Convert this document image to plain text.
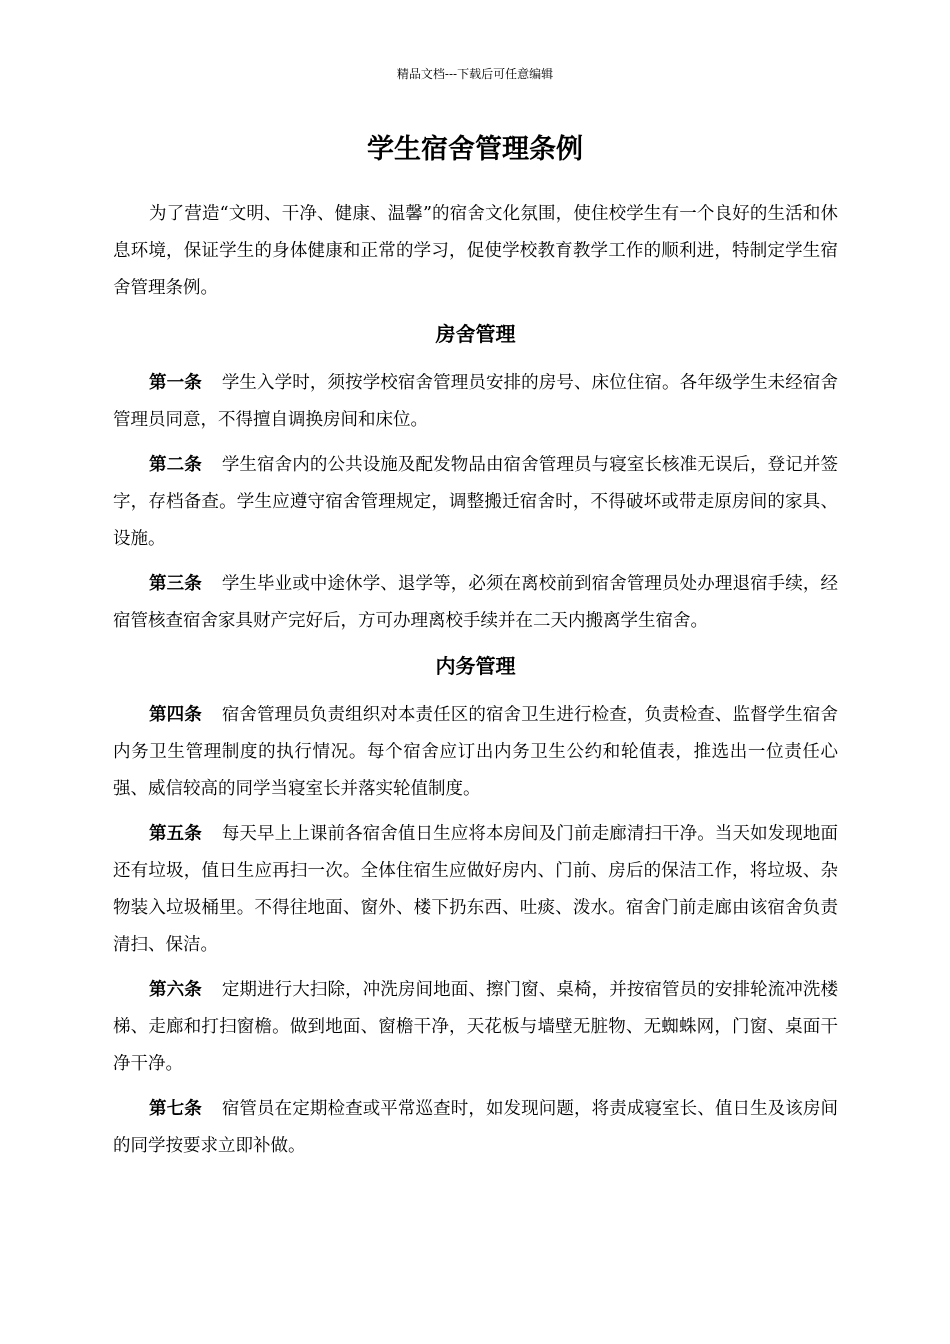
精品文档---下载后可任意编辑
学生宿舍管理条例

为了营造“文明、干净、健康、温馨”的宿舍文化氛围，使住校学生有一个良好的生活和休息环境，保证学生的身体健康和正常的学习，促使学校教育教学工作的顺利进，特制定学生宿舍管理条例。

房舍管理

第一条 学生入学时，须按学校宿舍管理员安排的房号、床位住宿。各年级学生未经宿舍管理员同意，不得擅自调换房间和床位。

第二条 学生宿舍内的公共设施及配发物品由宿舍管理员与寝室长核准无误后，登记并签字，存档备查。学生应遵守宿舍管理规定，调整搬迁宿舍时，不得破坏或带走原房间的家具、设施。

第三条 学生毕业或中途休学、退学等，必须在离校前到宿舍管理员处办理退宿手续，经宿管核查宿舍家具财产完好后，方可办理离校手续并在二天内搬离学生宿舍。

内务管理

第四条 宿舍管理员负责组织对本责任区的宿舍卫生进行检查，负责检查、监督学生宿舍内务卫生管理制度的执行情况。每个宿舍应订出内务卫生公约和轮值表，推选出一位责任心强、威信较高的同学当寝室长并落实轮值制度。

第五条 每天早上上课前各宿舍值日生应将本房间及门前走廊清扫干净。当天如发现地面还有垃圾，值日生应再扫一次。全体住宿生应做好房内、门前、房后的保洁工作，将垃圾、杂物装入垃圾桶里。不得往地面、窗外、楼下扔东西、吐痰、泼水。宿舍门前走廊由该宿舍负责清扫、保洁。

第六条 定期进行大扫除，冲洗房间地面、擦门窗、桌椅，并按宿管员的安排轮流冲洗楼梯、走廊和打扫窗檐。做到地面、窗檐干净，天花板与墙壁无脏物、无蜘蛛网，门窗、桌面干净干净。

第七条 宿管员在定期检查或平常巡查时，如发现问题，将责成寝室长、值日生及该房间的同学按要求立即补做。
